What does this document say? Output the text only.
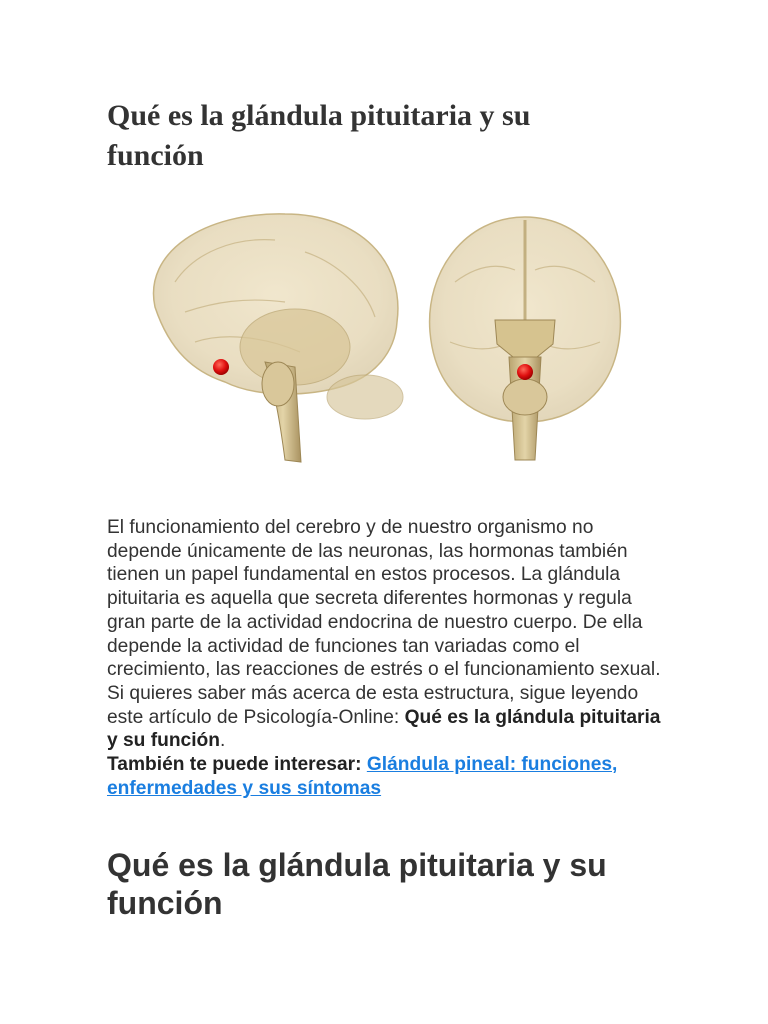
Qué es la glándula pituitaria y su función

El funcionamiento del cerebro y de nuestro organismo no depende únicamente de las neuronas, las hormonas también tienen un papel fundamental en estos procesos. La glándula pituitaria es aquella que secreta diferentes hormonas y regula gran parte de la actividad endocrina de nuestro cuerpo. De ella depende la actividad de funciones tan variadas como el crecimiento, las reacciones de estrés o el funcionamiento sexual. Si quieres saber más acerca de esta estructura, sigue leyendo este artículo de Psicología-Online: Qué es la glándula pituitaria y su función.
También te puede interesar: Glándula pineal: funciones, enfermedades y sus síntomas

Qué es la glándula pituitaria y su función
